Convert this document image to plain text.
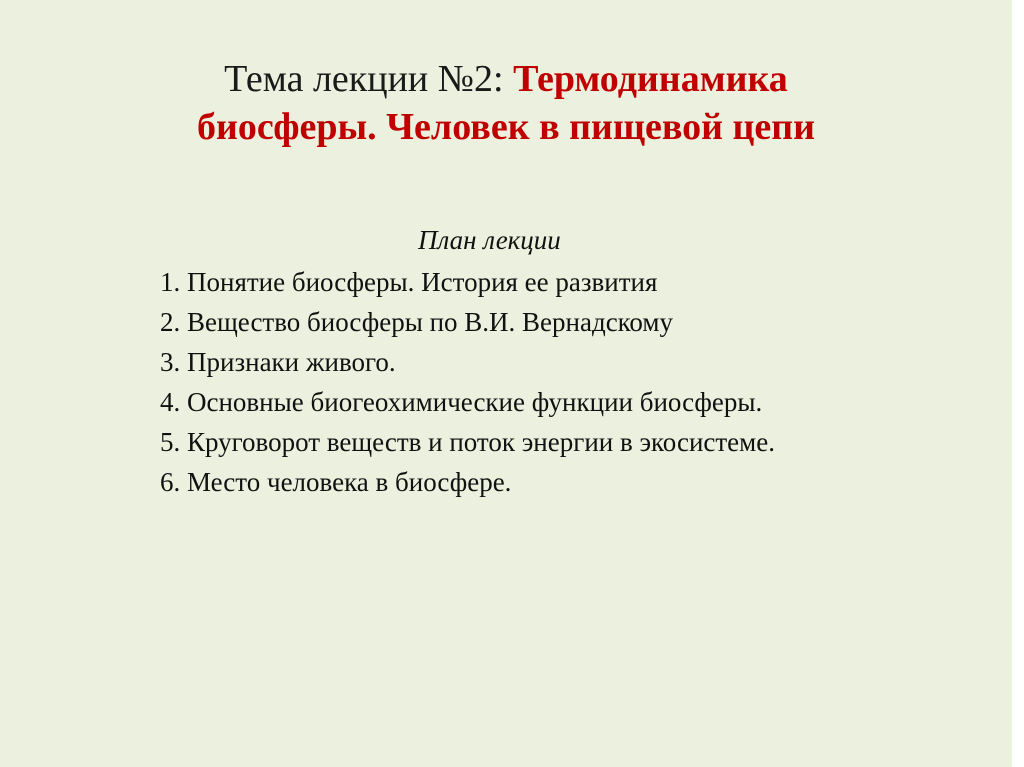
Тема лекции №2: Термодинамика
биосферы. Человек в пищевой цепи
План лекции
1. Понятие биосферы. История ее развития
2. Вещество биосферы по В.И. Вернадскому
3. Признаки живого.
4. Основные биогеохимические функции биосферы.
5. Круговорот веществ и поток энергии в экосистеме.
6. Место человека в биосфере.
